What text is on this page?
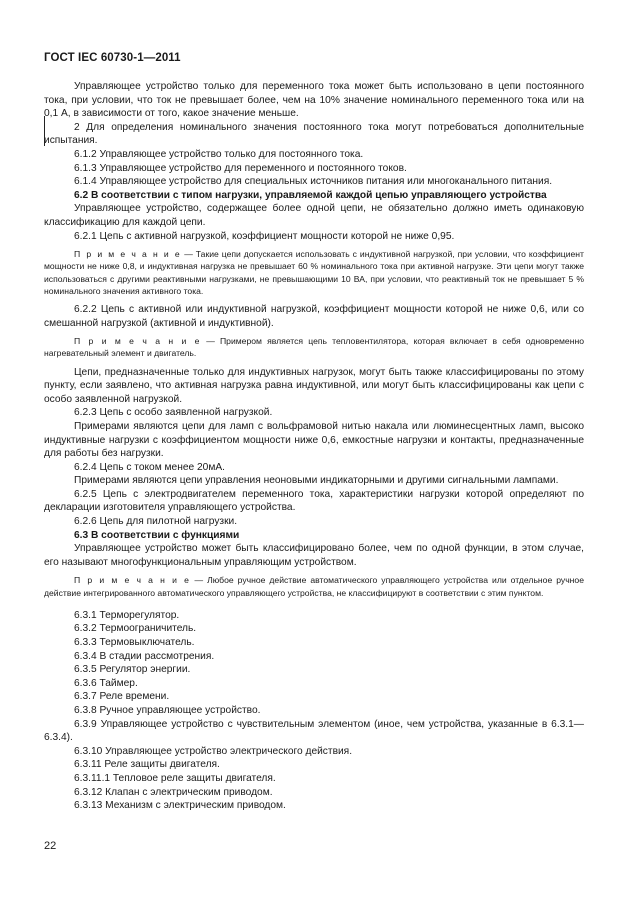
ГОСТ IEC 60730-1—2011

Управляющее устройство только для переменного тока может быть использовано в цепи постоянного тока, при условии, что ток не превышает более, чем на 10% значение номинального переменного тока или на 0,1 А, в зависимости от того, какое значение меньше.

2 Для определения номинального значения постоянного тока могут потребоваться дополнительные испытания.

6.1.2 Управляющее устройство только для постоянного тока.

6.1.3 Управляющее устройство для переменного и постоянного токов.

6.1.4 Управляющее устройство для специальных источников питания или многоканального питания.

6.2 В соответствии с типом нагрузки, управляемой каждой цепью управляющего устройства

Управляющее устройство, содержащее более одной цепи, не обязательно должно иметь одинаковую классификацию для каждой цепи.

6.2.1 Цепь с активной нагрузкой, коэффициент мощности которой не ниже 0,95.

П р и м е ч а н и е — Такие цепи допускается использовать с индуктивной нагрузкой, при условии, что коэффициент мощности не ниже 0,8, и индуктивная нагрузка не превышает 60 % номинального тока при активной нагрузке. Эти цепи могут также использоваться с другими реактивными нагрузками, не превышающими 10 ВА, при условии, что реактивный ток не превышает 5 % номинального значения активного тока.

6.2.2 Цепь с активной или индуктивной нагрузкой, коэффициент мощности которой не ниже 0,6, или со смешанной нагрузкой (активной и индуктивной).

П р и м е ч а н и е — Примером является цепь тепловентилятора, которая включает в себя одновременно нагревательный элемент и двигатель.

Цепи, предназначенные только для индуктивных нагрузок, могут быть также классифицированы по этому пункту, если заявлено, что активная нагрузка равна индуктивной, или могут быть классифицированы как цепи с особо заявленной нагрузкой.

6.2.3 Цепь с особо заявленной нагрузкой.

Примерами являются цепи для ламп с вольфрамовой нитью накала или люминесцентных ламп, высоко индуктивные нагрузки с коэффициентом мощности ниже 0,6, емкостные нагрузки и контакты, предназначенные для работы без нагрузки.

6.2.4 Цепь с током менее 20мА.

Примерами являются цепи управления неоновыми индикаторными и другими сигнальными лампами.

6.2.5 Цепь с электродвигателем переменного тока, характеристики нагрузки которой определяют по декларации изготовителя управляющего устройства.

6.2.6 Цепь для пилотной нагрузки.

6.3 В соответствии с функциями

Управляющее устройство может быть классифицировано более, чем по одной функции, в этом случае, его называют многофункциональным управляющим устройством.

П р и м е ч а н и е — Любое ручное действие автоматического управляющего устройства или отдельное ручное действие интегрированного автоматического управляющего устройства, не классифицируют в соответствии с этим пунктом.

6.3.1 Терморегулятор.

6.3.2 Термоограничитель.

6.3.3 Термовыключатель.

6.3.4 В стадии рассмотрения.

6.3.5 Регулятор энергии.

6.3.6 Таймер.

6.3.7 Реле времени.

6.3.8 Ручное управляющее устройство.

6.3.9 Управляющее устройство с чувствительным элементом (иное, чем устройства, указанные в 6.3.1—6.3.4).

6.3.10 Управляющее устройство электрического действия.

6.3.11 Реле защиты двигателя.

6.3.11.1 Тепловое реле защиты двигателя.

6.3.12 Клапан с электрическим приводом.

6.3.13 Механизм с электрическим приводом.

22
